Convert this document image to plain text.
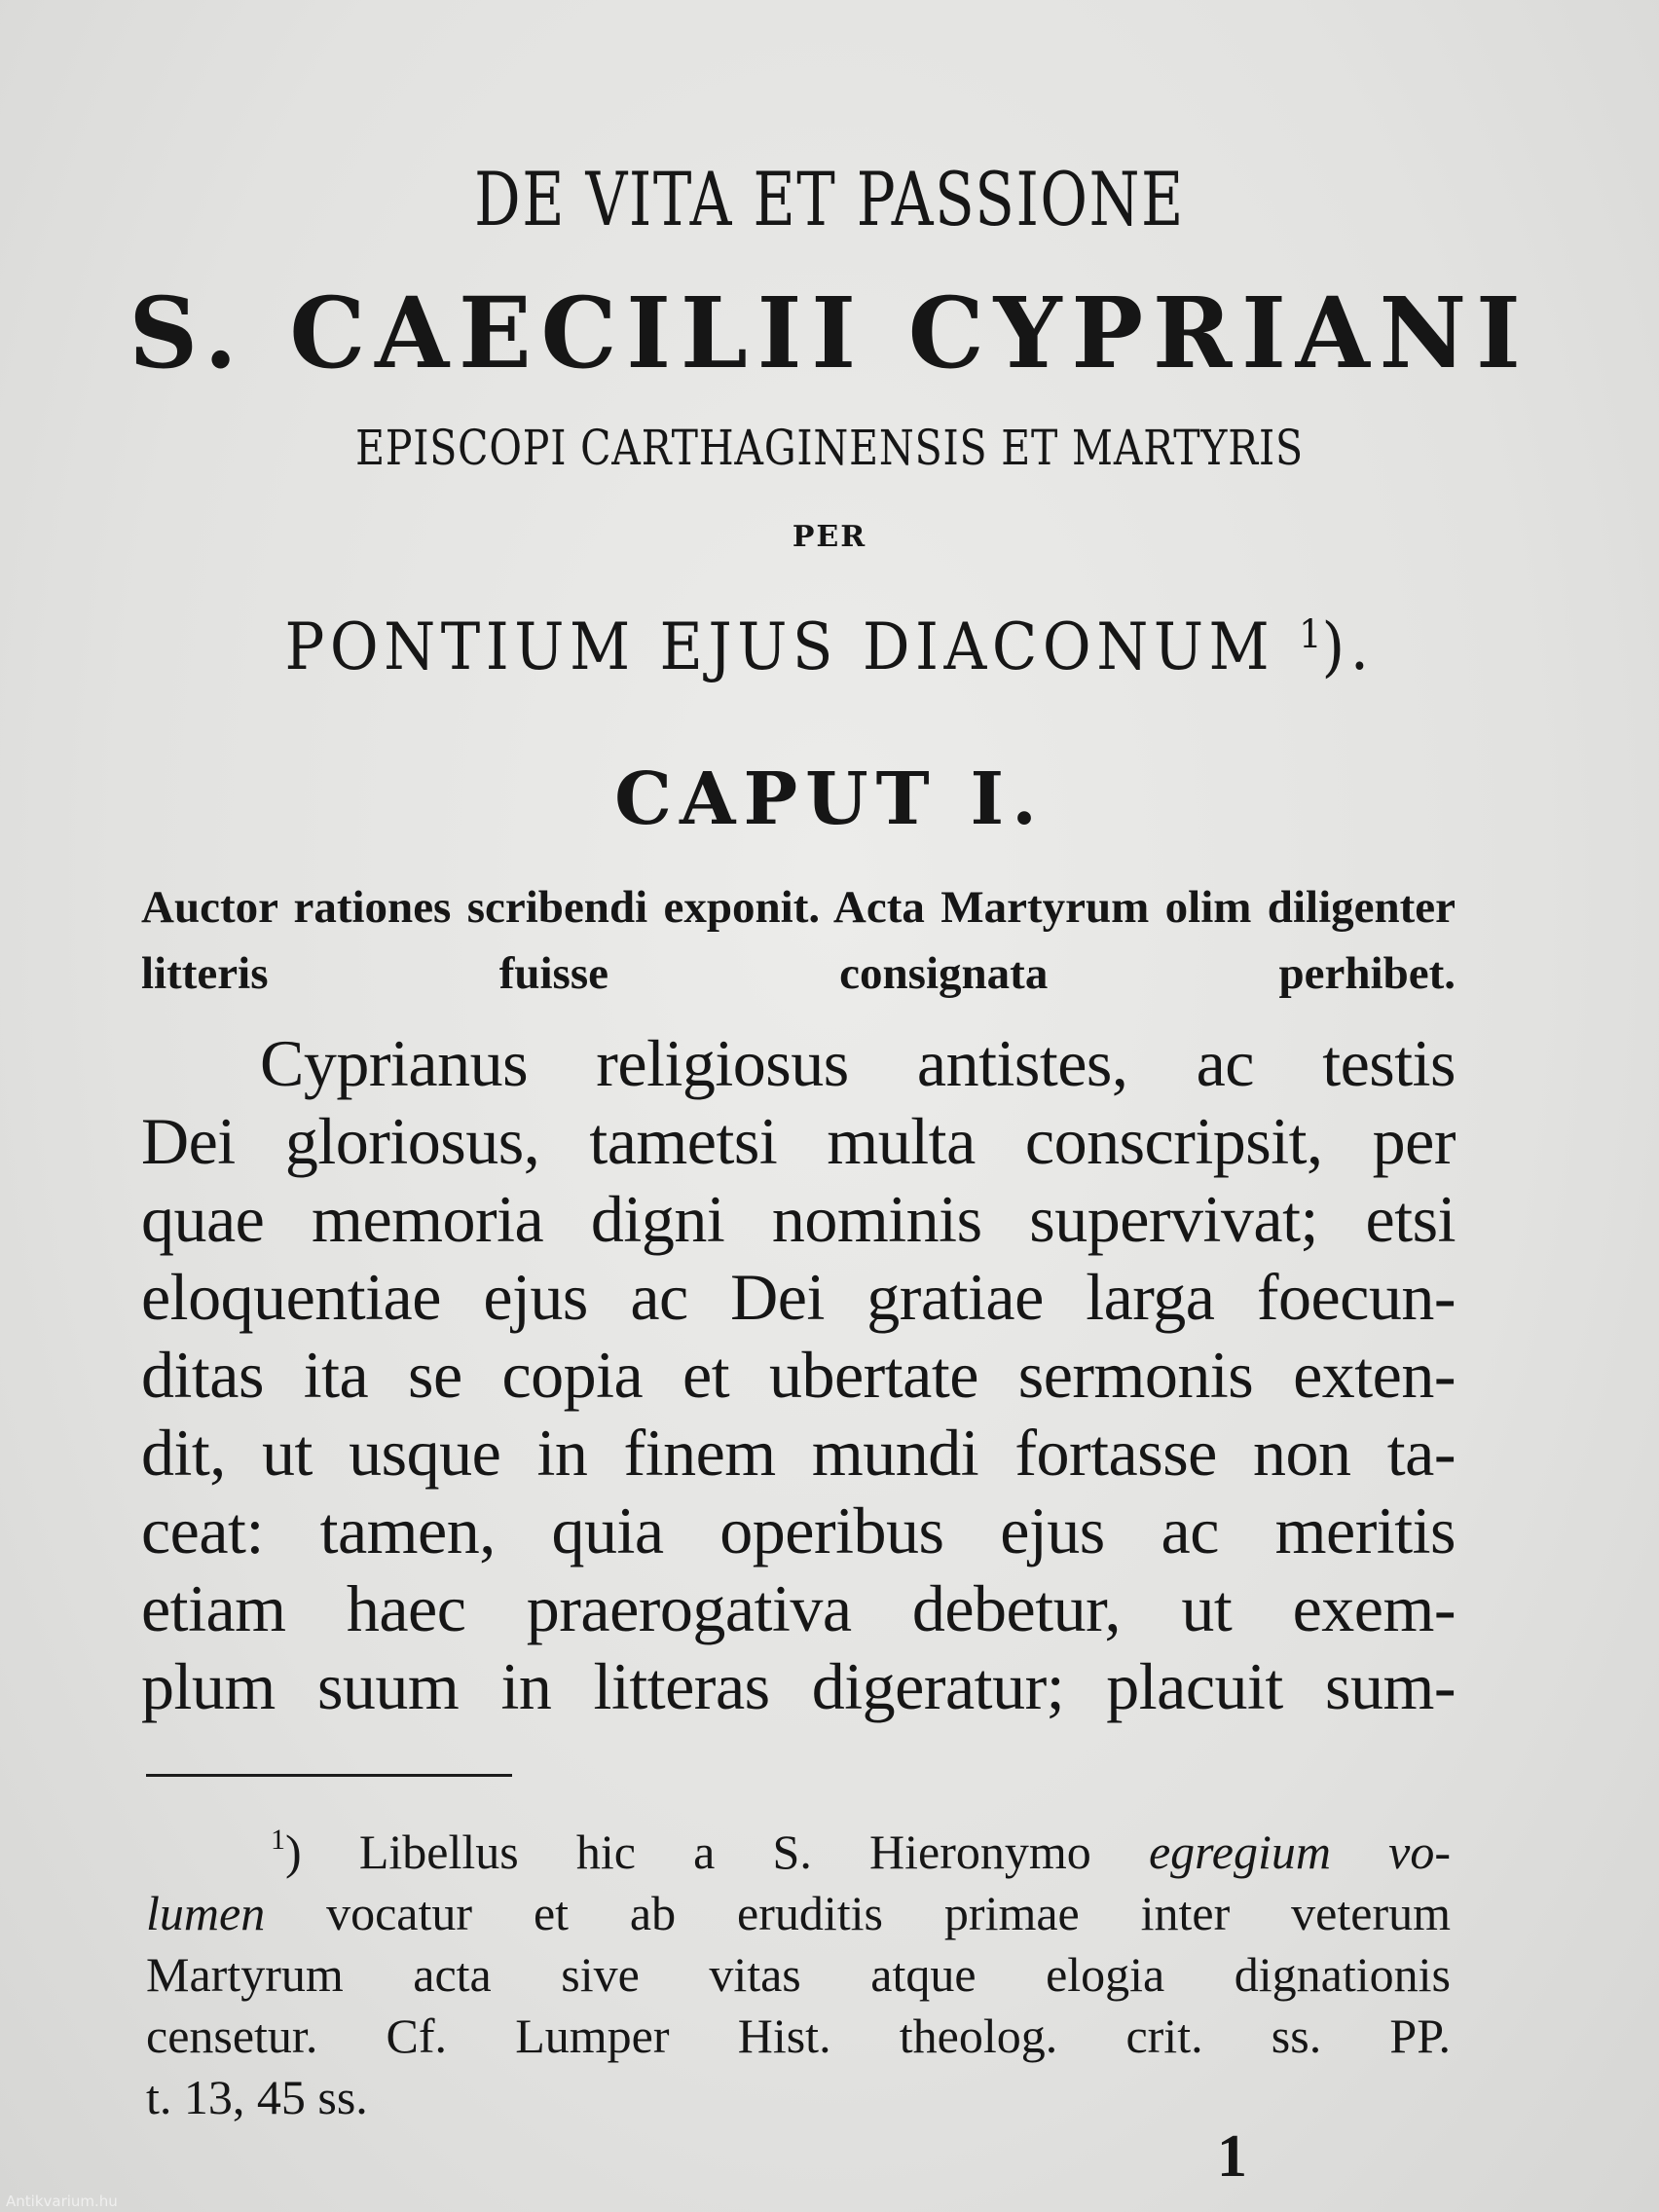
DE VITA ET PASSIONE
S. CAECILII CYPRIANI
EPISCOPI CARTHAGINENSIS ET MARTYRIS
PER
PONTIUM EJUS DIACONUM $^1$).
CAPUT I.
Auctor rationes scribendi exponit. Acta Martyrum olim diligenter litteris fuisse consignata perhibet.
Cyprianus religiosus antistes, ac testis
Dei gloriosus, tametsi multa conscripsit, per
quae memoria digni nominis supervivat; etsi
eloquentiae ejus ac Dei gratiae larga foecun-
ditas ita se copia et ubertate sermonis exten-
dit, ut usque in finem mundi fortasse non ta-
ceat: tamen, quia operibus ejus ac meritis
etiam haec praerogativa debetur, ut exem-
plum suum in litteras digeratur; placuit sum-
$^1$) Libellus hic a S. Hieronymo egregium vo-
lumen vocatur et ab eruditis primae inter veterum
Martyrum acta sive vitas atque elogia dignationis
censetur. Cf. Lumper Hist. theolog. crit. ss. PP.
t. 13, 45 ss.
1
Antikvarium.hu
